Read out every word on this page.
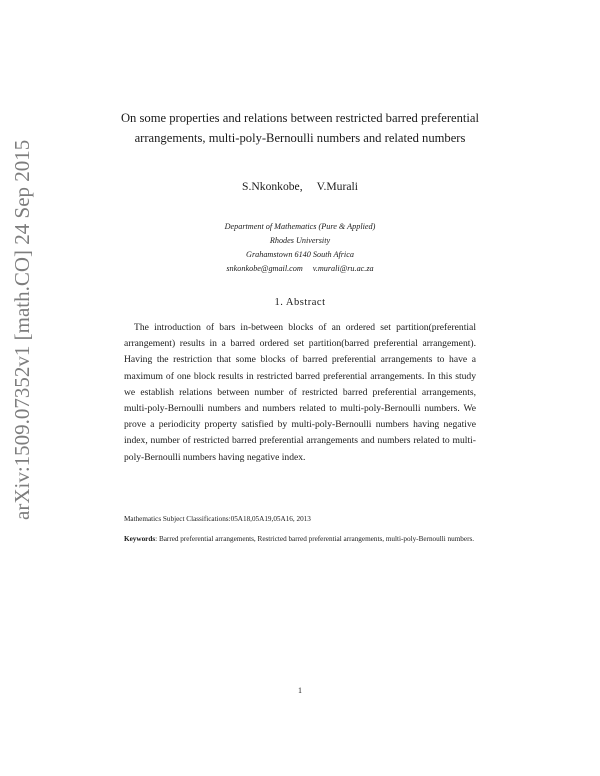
arXiv:1509.07352v1 [math.CO] 24 Sep 2015
On some properties and relations between restricted barred preferential arrangements, multi-poly-Bernoulli numbers and related numbers
S.Nkonkobe, V.Murali
Department of Mathematics (Pure & Applied)
Rhodes University
Grahamstown 6140 South Africa
snkonkobe@gmail.com v.murali@ru.ac.za
1. Abstract
The introduction of bars in-between blocks of an ordered set partition(preferential arrangement) results in a barred ordered set partition(barred preferential arrangement). Having the restriction that some blocks of barred preferential arrangements to have a maximum of one block results in restricted barred preferential arrangements. In this study we establish relations between number of restricted barred preferential arrangements, multi-poly-Bernoulli numbers and numbers related to multi-poly-Bernoulli numbers. We prove a periodicity property satisfied by multi-poly-Bernoulli numbers having negative index, number of restricted barred preferential arrangements and numbers related to multi-poly-Bernoulli numbers having negative index.
Mathematics Subject Classifications:05A18,05A19,05A16, 2013
Keywords: Barred preferential arrangements, Restricted barred preferential arrangements, multi-poly-Bernoulli numbers.
1
